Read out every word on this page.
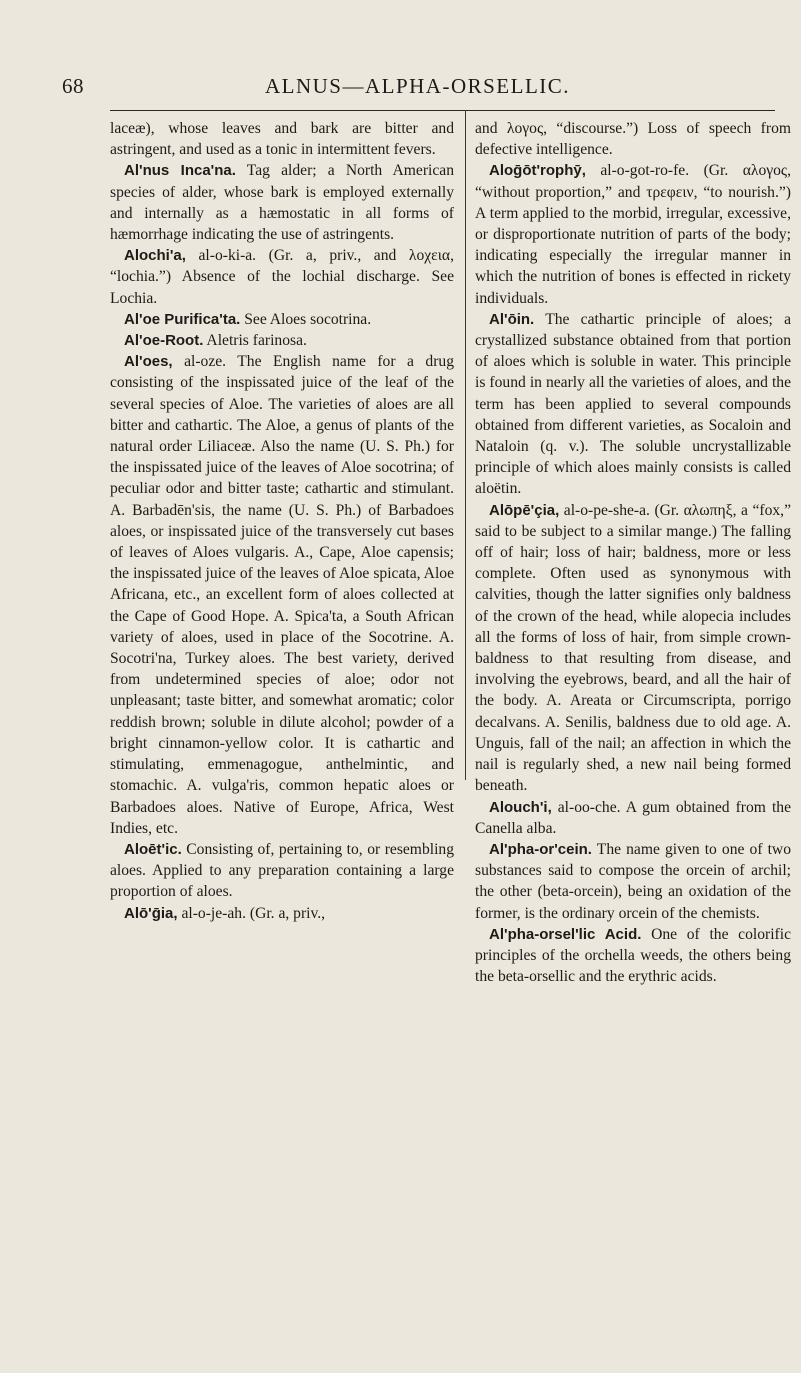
68	ALNUS—ALPHA-ORSELLIC.

laceæ), whose leaves and bark are bitter and astringent, and used as a tonic in intermittent fevers.

Al'nus Inca'na. Tag alder; a North American species of alder, whose bark is employed externally and internally as a hæmostatic in all forms of hæmorrhage indicating the use of astringents.

Alochi'a, al-o-ki-a. (Gr. a, priv., and λοχεια, “lochia.”) Absence of the lochial discharge. See Lochia.

Al'oe Purifica'ta. See Aloes socotrina.

Al'oe-Root. Aletris farinosa.

Al'oes, al-oze. The English name for a drug consisting of the inspissated juice of the leaf of the several species of Aloe. The varieties of aloes are all bitter and cathartic. The Aloe, a genus of plants of the natural order Liliaceæ. Also the name (U. S. Ph.) for the inspissated juice of the leaves of Aloe socotrina; of peculiar odor and bitter taste; cathartic and stimulant. A. Barbadēn'sis, the name (U. S. Ph.) of Barbadoes aloes, or inspissated juice of the transversely cut bases of leaves of Aloes vulgaris. A., Cape, Aloe capensis; the inspissated juice of the leaves of Aloe spicata, Aloe Africana, etc., an excellent form of aloes collected at the Cape of Good Hope. A. Spica'ta, a South African variety of aloes, used in place of the Socotrine. A. Socotri'na, Turkey aloes. The best variety, derived from undetermined species of aloe; odor not unpleasant; taste bitter, and somewhat aromatic; color reddish brown; soluble in dilute alcohol; powder of a bright cinnamon-yellow color. It is cathartic and stimulating, emmenagogue, anthelmintic, and stomachic. A. vulga'ris, common hepatic aloes or Barbadoes aloes. Native of Europe, Africa, West Indies, etc.

Aloēt'ic. Consisting of, pertaining to, or resembling aloes. Applied to any preparation containing a large proportion of aloes.

Alō'ḡia, al-o-je-ah. (Gr. a, priv.,

and λογος, “discourse.”) Loss of speech from defective intelligence.

Aloḡōt'rophȳ, al-o-got-ro-fe. (Gr. αλογος, “without proportion,” and τρεφειν, “to nourish.”) A term applied to the morbid, irregular, excessive, or disproportionate nutrition of parts of the body; indicating especially the irregular manner in which the nutrition of bones is effected in rickety individuals.

Al'ōin. The cathartic principle of aloes; a crystallized substance obtained from that portion of aloes which is soluble in water. This principle is found in nearly all the varieties of aloes, and the term has been applied to several compounds obtained from different varieties, as Socaloin and Nataloin (q. v.). The soluble uncrystallizable principle of which aloes mainly consists is called aloëtin.

Alōpē'çia, al-o-pe-she-a. (Gr. αλωπηξ, a “fox,” said to be subject to a similar mange.) The falling off of hair; loss of hair; baldness, more or less complete. Often used as synonymous with calvities, though the latter signifies only baldness of the crown of the head, while alopecia includes all the forms of loss of hair, from simple crown-baldness to that resulting from disease, and involving the eyebrows, beard, and all the hair of the body. A. Areata or Circumscripta, porrigo decalvans. A. Senilis, baldness due to old age. A. Unguis, fall of the nail; an affection in which the nail is regularly shed, a new nail being formed beneath.

Alouch'i, al-oo-che. A gum obtained from the Canella alba.

Al'pha-or'cein. The name given to one of two substances said to compose the orcein of archil; the other (beta-orcein), being an oxidation of the former, is the ordinary orcein of the chemists.

Al'pha-orsel'lic Acid. One of the colorific principles of the orchella weeds, the others being the beta-orsellic and the erythric acids.
